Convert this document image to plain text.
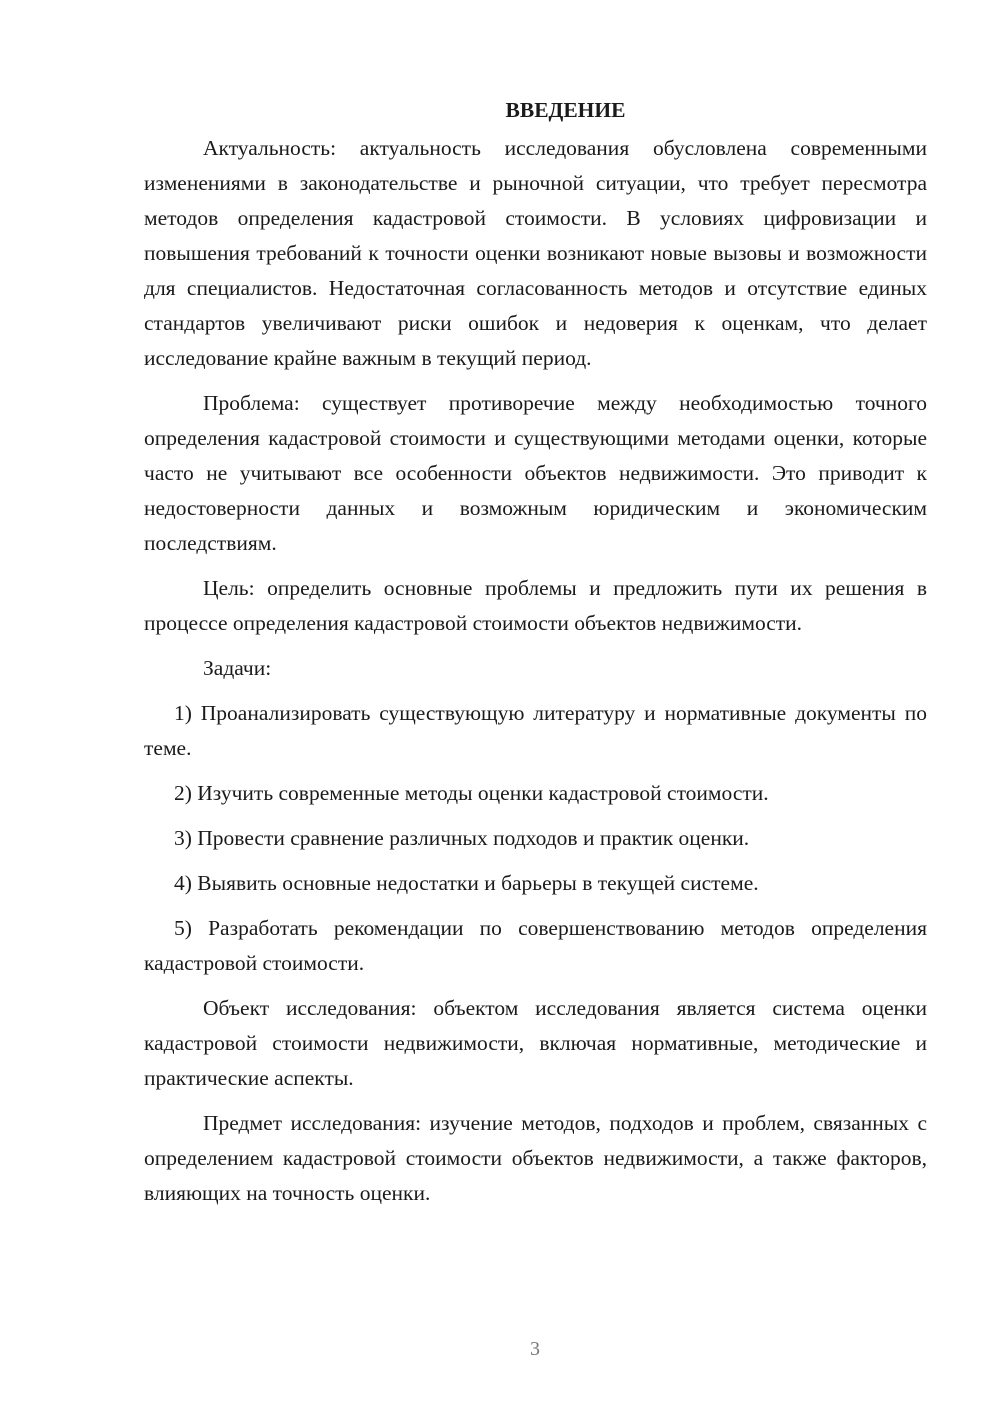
ВВЕДЕНИЕ

Актуальность: актуальность исследования обусловлена современными изменениями в законодательстве и рыночной ситуации, что требует пересмотра методов определения кадастровой стоимости. В условиях цифровизации и повышения требований к точности оценки возникают новые вызовы и возможности для специалистов. Недостаточная согласованность методов и отсутствие единых стандартов увеличивают риски ошибок и недоверия к оценкам, что делает исследование крайне важным в текущий период.

Проблема: существует противоречие между необходимостью точного определения кадастровой стоимости и существующими методами оценки, которые часто не учитывают все особенности объектов недвижимости. Это приводит к недостоверности данных и возможным юридическим и экономическим последствиям.

Цель: определить основные проблемы и предложить пути их решения в процессе определения кадастровой стоимости объектов недвижимости.

Задачи:

1) Проанализировать существующую литературу и нормативные документы по теме.

2) Изучить современные методы оценки кадастровой стоимости.

3) Провести сравнение различных подходов и практик оценки.

4) Выявить основные недостатки и барьеры в текущей системе.

5) Разработать рекомендации по совершенствованию методов определения кадастровой стоимости.

Объект исследования: объектом исследования является система оценки кадастровой стоимости недвижимости, включая нормативные, методические и практические аспекты.

Предмет исследования: изучение методов, подходов и проблем, связанных с определением кадастровой стоимости объектов недвижимости, а также факторов, влияющих на точность оценки.

3
